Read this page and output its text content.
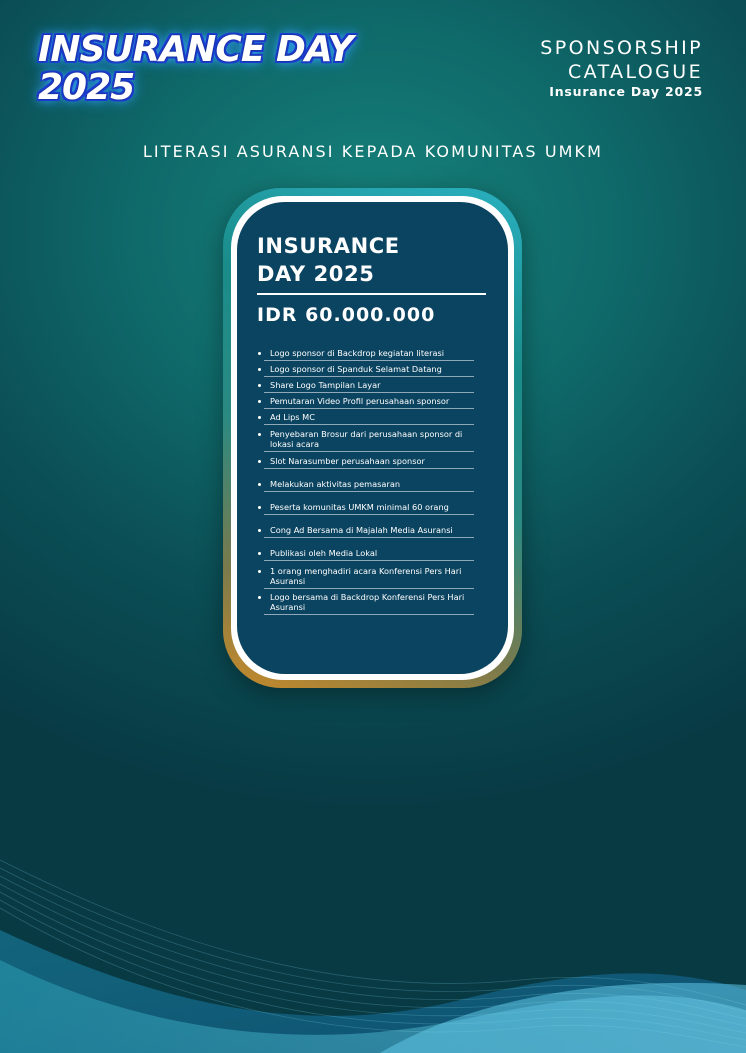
INSURANCE DAY
2025
SPONSORSHIP
CATALOGUE
Insurance Day 2025
LITERASI ASURANSI KEPADA KOMUNITAS UMKM
INSURANCE
DAY 2025
IDR 60.000.000
Logo sponsor di Backdrop kegiatan literasi
Logo sponsor di Spanduk Selamat Datang
Share Logo Tampilan Layar
Pemutaran Video Profil perusahaan sponsor
Ad Lips MC
Penyebaran Brosur dari perusahaan sponsor di lokasi acara
Slot Narasumber perusahaan sponsor
Melakukan aktivitas pemasaran
Peserta komunitas UMKM minimal 60 orang
Cong Ad Bersama di Majalah Media Asuransi
Publikasi oleh Media Lokal
1 orang menghadiri acara Konferensi Pers Hari Asuransi
Logo bersama di Backdrop Konferensi Pers Hari Asuransi
